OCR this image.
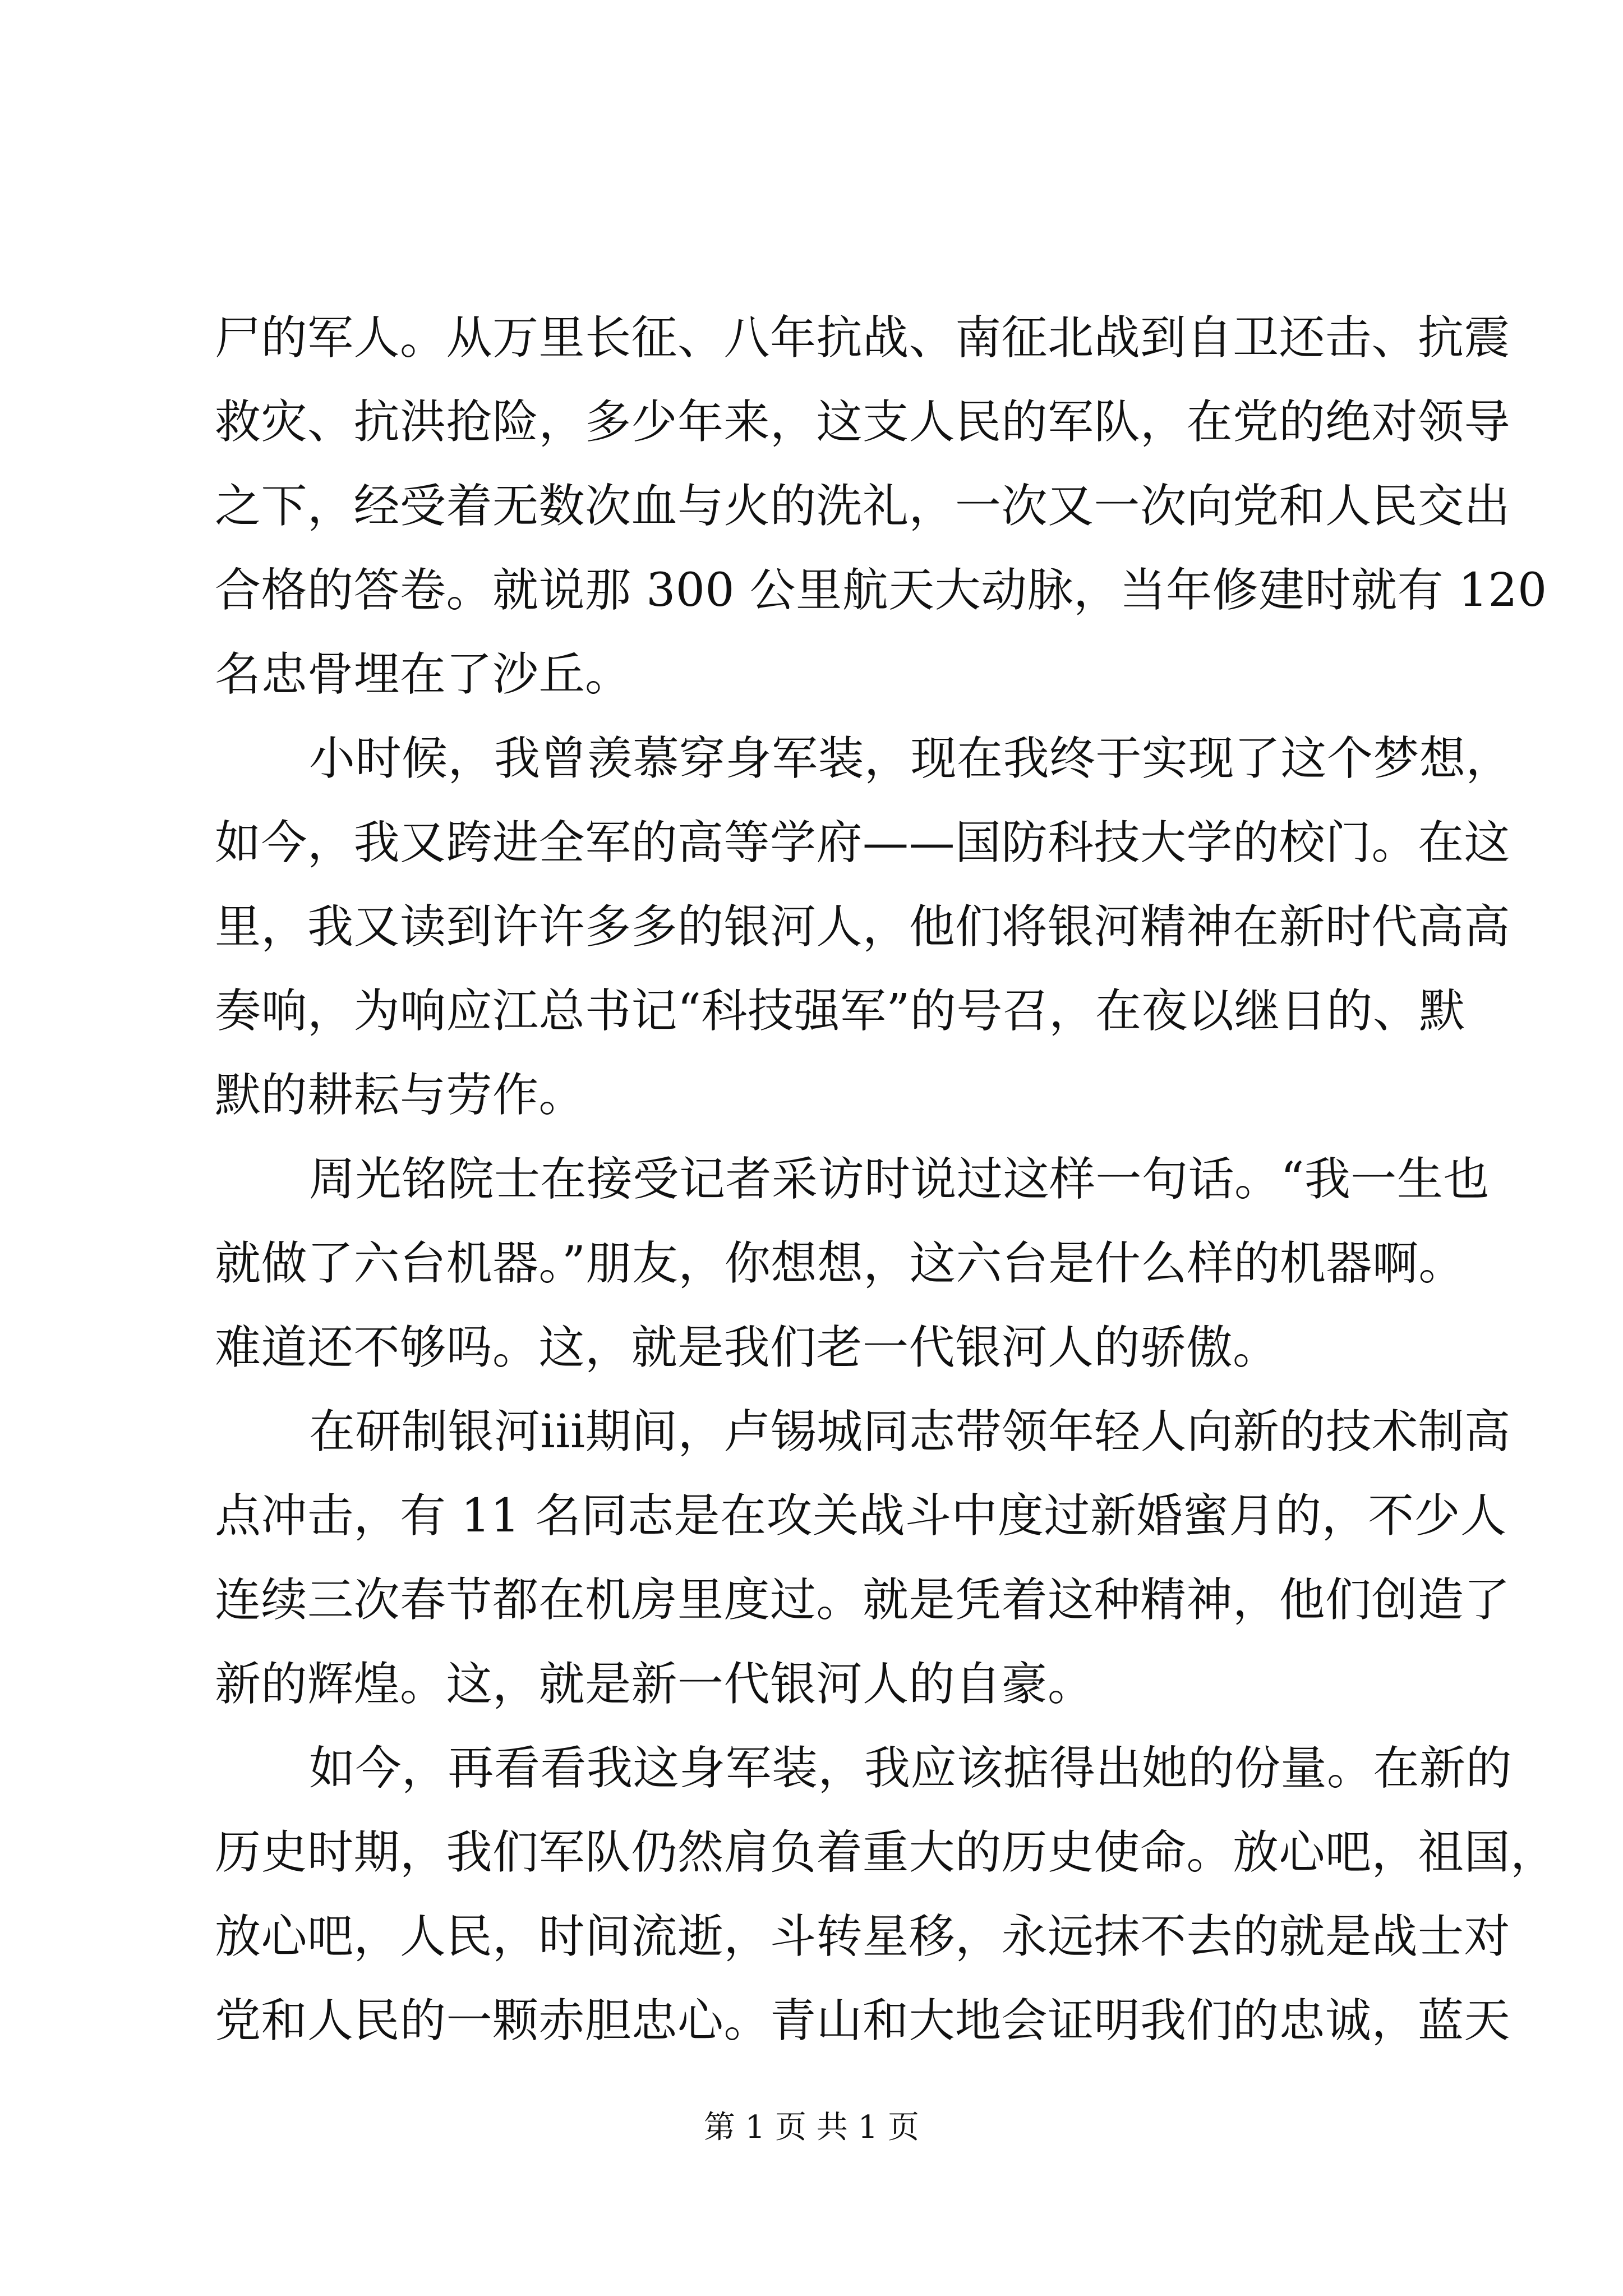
尸的军人。从万里长征、八年抗战、南征北战到自卫还击、抗震
救灾、抗洪抢险，多少年来，这支人民的军队，在党的绝对领导
之下，经受着无数次血与火的洗礼，一次又一次向党和人民交出
合格的答卷。就说那 300 公里航天大动脉，当年修建时就有 120
名忠骨埋在了沙丘。
小时候，我曾羡慕穿身军装，现在我终于实现了这个梦想，
如今，我又跨进全军的高等学府——国防科技大学的校门。在这
里，我又读到许许多多的银河人，他们将银河精神在新时代高高
奏响，为响应江总书记“科技强军”的号召，在夜以继日的、默
默的耕耘与劳作。
周光铭院士在接受记者采访时说过这样一句话。“我一生也
就做了六台机器。”朋友，你想想，这六台是什么样的机器啊。
难道还不够吗。这，就是我们老一代银河人的骄傲。
在研制银河iii期间，卢锡城同志带领年轻人向新的技术制高
点冲击，有 11 名同志是在攻关战斗中度过新婚蜜月的，不少人
连续三次春节都在机房里度过。就是凭着这种精神，他们创造了
新的辉煌。这，就是新一代银河人的自豪。
如今，再看看我这身军装，我应该掂得出她的份量。在新的
历史时期，我们军队仍然肩负着重大的历史使命。放心吧，祖国，
放心吧，人民，时间流逝，斗转星移，永远抹不去的就是战士对
党和人民的一颗赤胆忠心。青山和大地会证明我们的忠诚，蓝天
第 1 页 共 1 页
